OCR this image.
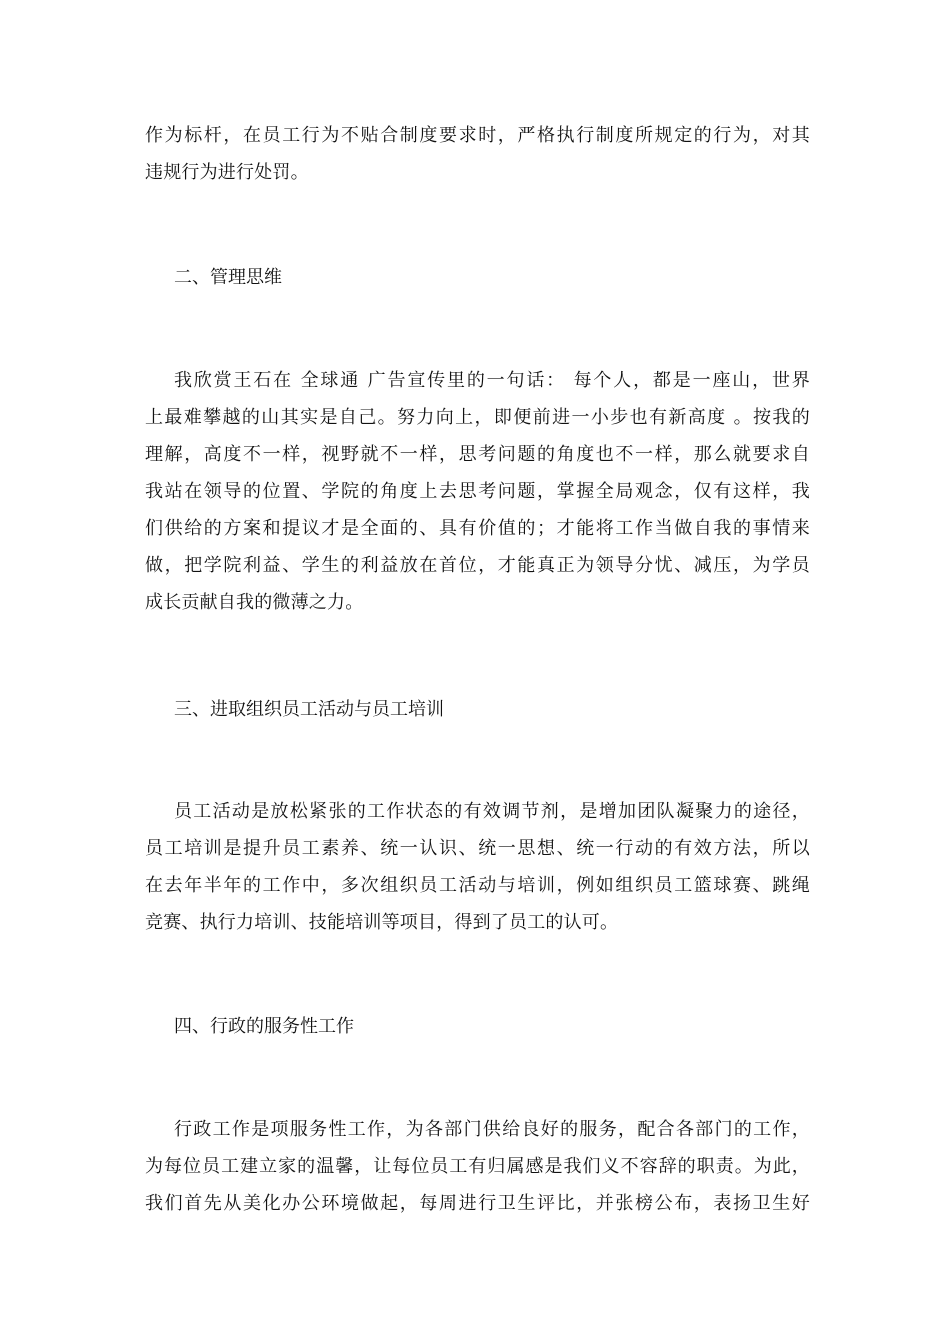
作为标杆，在员工行为不贴合制度要求时，严格执行制度所规定的行为，对其
违规行为进行处罚。
二、管理思维
我欣赏王石在 全球通 广告宣传里的一句话： 每个人，都是一座山，世界
上最难攀越的山其实是自己。努力向上，即便前进一小步也有新高度 。按我的
理解，高度不一样，视野就不一样，思考问题的角度也不一样，那么就要求自
我站在领导的位置、学院的角度上去思考问题，掌握全局观念，仅有这样，我
们供给的方案和提议才是全面的、具有价值的；才能将工作当做自我的事情来
做，把学院利益、学生的利益放在首位，才能真正为领导分忧、减压，为学员
成长贡献自我的微薄之力。
三、进取组织员工活动与员工培训
员工活动是放松紧张的工作状态的有效调节剂，是增加团队凝聚力的途径，
员工培训是提升员工素养、统一认识、统一思想、统一行动的有效方法，所以
在去年半年的工作中，多次组织员工活动与培训，例如组织员工篮球赛、跳绳
竞赛、执行力培训、技能培训等项目，得到了员工的认可。
四、行政的服务性工作
行政工作是项服务性工作，为各部门供给良好的服务，配合各部门的工作，
为每位员工建立家的温馨，让每位员工有归属感是我们义不容辞的职责。为此，
我们首先从美化办公环境做起，每周进行卫生评比，并张榜公布，表扬卫生好
